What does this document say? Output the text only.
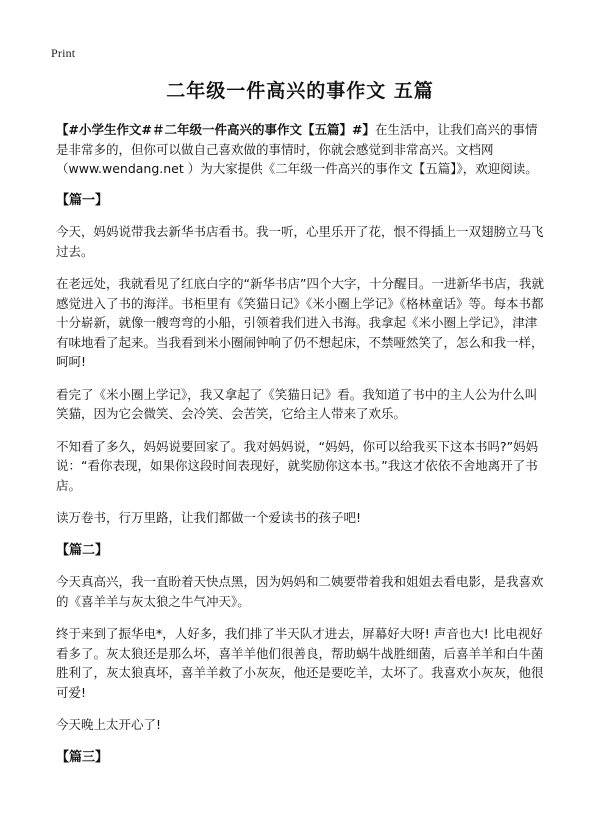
Print
二年级一件高兴的事作文 五篇

【#小学生作文#＃二年级一件高兴的事作文【五篇】#】在生活中，让我们高兴的事情是非常多的，但你可以做自己喜欢做的事情时，你就会感觉到非常高兴。文档网（www.wendang.net ）为大家提供《二年级一件高兴的事作文【五篇】》，欢迎阅读。

【篇一】

今天，妈妈说带我去新华书店看书。我一听，心里乐开了花，恨不得插上一双翅膀立马飞过去。

在老远处，我就看见了红底白字的“新华书店”四个大字，十分醒目。一进新华书店，我就感觉进入了书的海洋。书柜里有《笑猫日记》《米小圈上学记》《格林童话》等。每本书都十分崭新，就像一艘弯弯的小船，引领着我们进入书海。我拿起《米小圈上学记》，津津有味地看了起来。当我看到米小圈闹钟响了仍不想起床，不禁哑然笑了，怎么和我一样，呵呵!

看完了《米小圈上学记》，我又拿起了《笑猫日记》看。我知道了书中的主人公为什么叫笑猫，因为它会微笑、会冷笑、会苦笑，它给主人带来了欢乐。

不知看了多久，妈妈说要回家了。我对妈妈说，“妈妈，你可以给我买下这本书吗?”妈妈说：“看你表现，如果你这段时间表现好，就奖励你这本书。”我这才依依不舍地离开了书店。

读万卷书，行万里路，让我们都做一个爱读书的孩子吧!

【篇二】

今天真高兴，我一直盼着天快点黑，因为妈妈和二姨要带着我和姐姐去看电影，是我喜欢的《喜羊羊与灰太狼之牛气冲天》。

终于来到了振华电*，人好多，我们排了半天队才进去，屏幕好大呀! 声音也大! 比电视好看多了。灰太狼还是那么坏，喜羊羊他们很善良，帮助蜗牛战胜细菌，后喜羊羊和白牛菌胜利了，灰太狼真坏，喜羊羊救了小灰灰，他还是要吃羊，太坏了。我喜欢小灰灰，他很可爱!

今天晚上太开心了!

【篇三】
